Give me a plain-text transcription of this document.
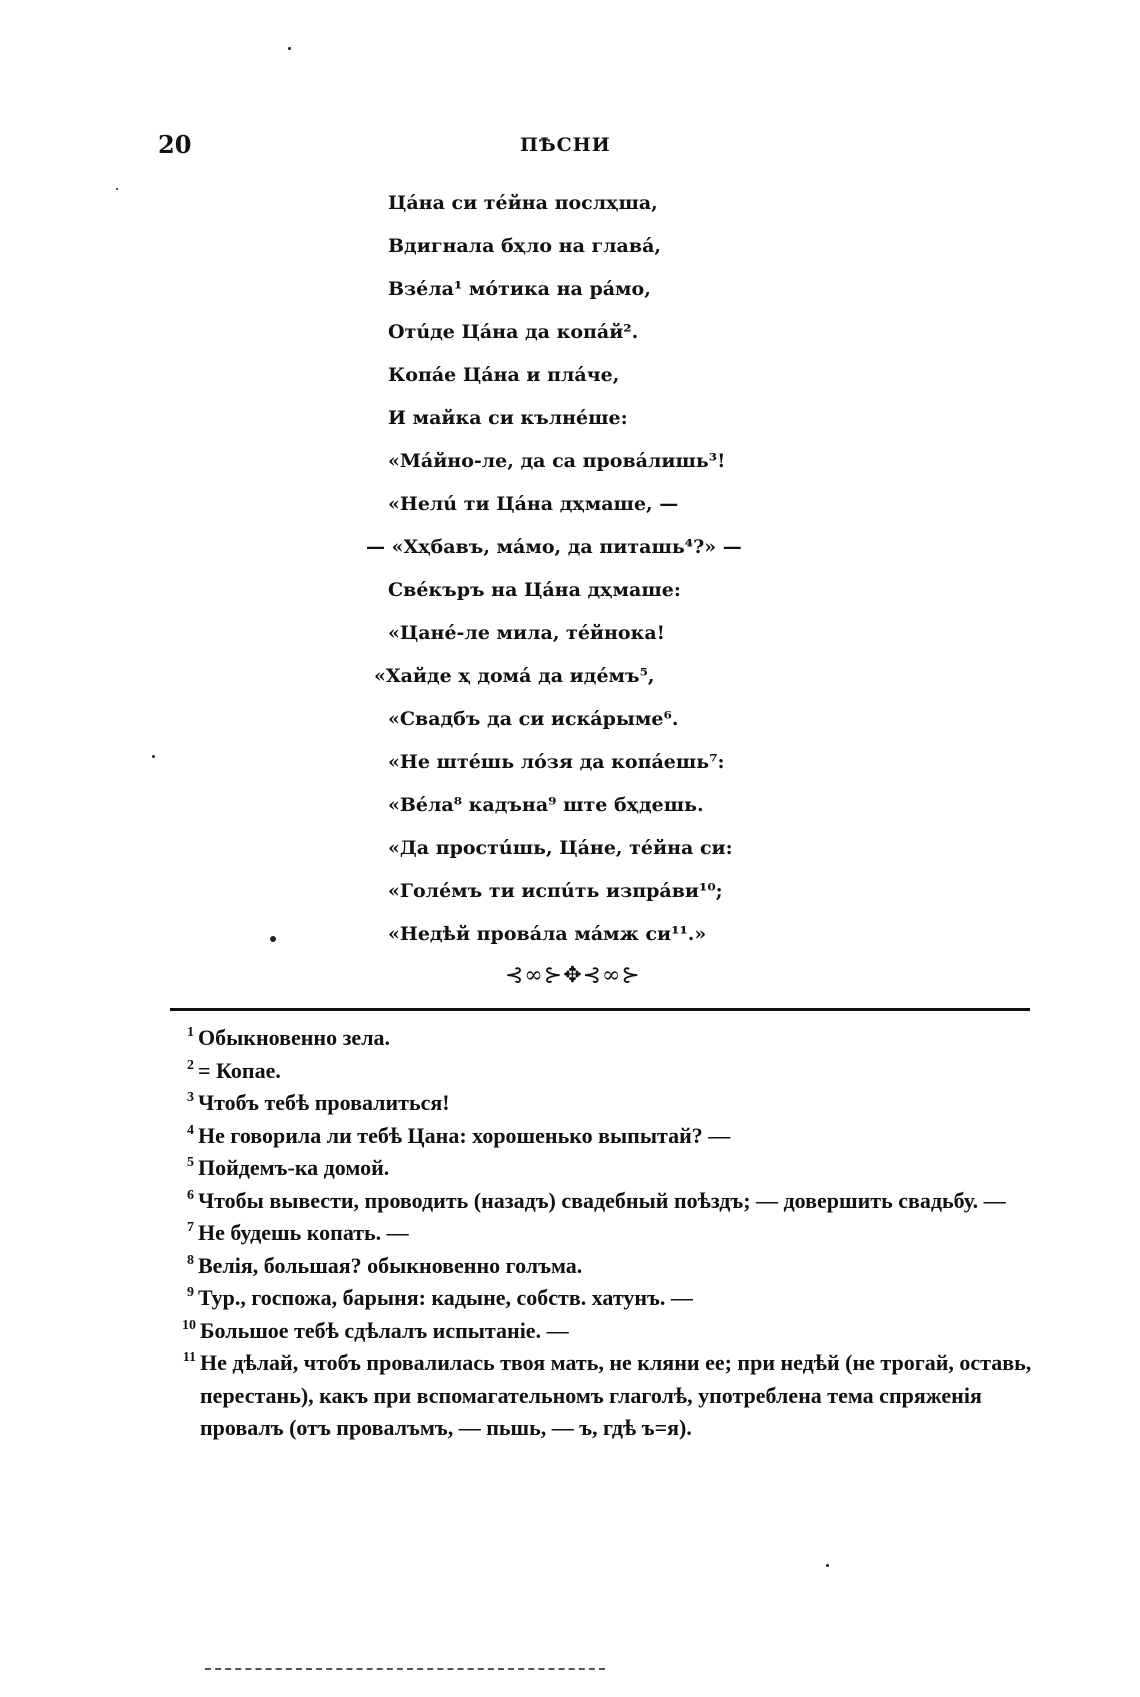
20	ПѢСНИ
Цáна си тéйна послҳша,
Вдигнала бҳло на главá,
Взéла¹ мóтика на рáмо,
Отúде Цáна да копáй².
Копáе Цáна и плáче,
И майка си кълнéше:
«Máйно-ле, да са провáлишь³!
«Нелú ти Цáна дҳмаше, —
— «Хҳбавъ, мáмо, да питашь⁴?» —
Свéкъръ на Цáна дҳмаше:
«Цанé-ле мила, тéйнока!
«Хайде ҳ домá да идéмъ⁵,
«Свадбъ да си искáрыме⁶.
«Не штéшь лóзя да копáешь⁷:
«Вéла⁸ кадъна⁹ ште бҳдешь.
«Да простúшь, Цáне, тéйна си:
«Голéмъ ти испúть изпрáви¹⁰;
«Недѣй провáла мáмж си¹¹.»
⊰∞⊱✥⊰∞⊱
1 Обыкновенно зела.
2 = Копае.
3 Чтобъ тебѣ провалиться!
4 Не говорила ли тебѣ Цана: хорошенько выпытай? —
5 Пойдемъ-ка домой.
6 Чтобы вывести, проводить (назадъ) свадебный поѣздъ; — довершить свадьбу. —
7 Не будешь копать. —
8 Велія, большая? обыкновенно голъма.
9 Тур., госпожа, барыня: кадыне, собств. хатунъ. —
10 Большое тебѣ сдѣлалъ испытаніе. —
11 Не дѣлай, чтобъ провалилась твоя мать, не кляни ее; при недѣй (не трогай, оставь, перестань), какъ при вспомагательномъ глаголѣ, употреблена тема спряженія провалъ (отъ провалъмъ, — пьшь, — ъ, гдѣ ъ=я).
